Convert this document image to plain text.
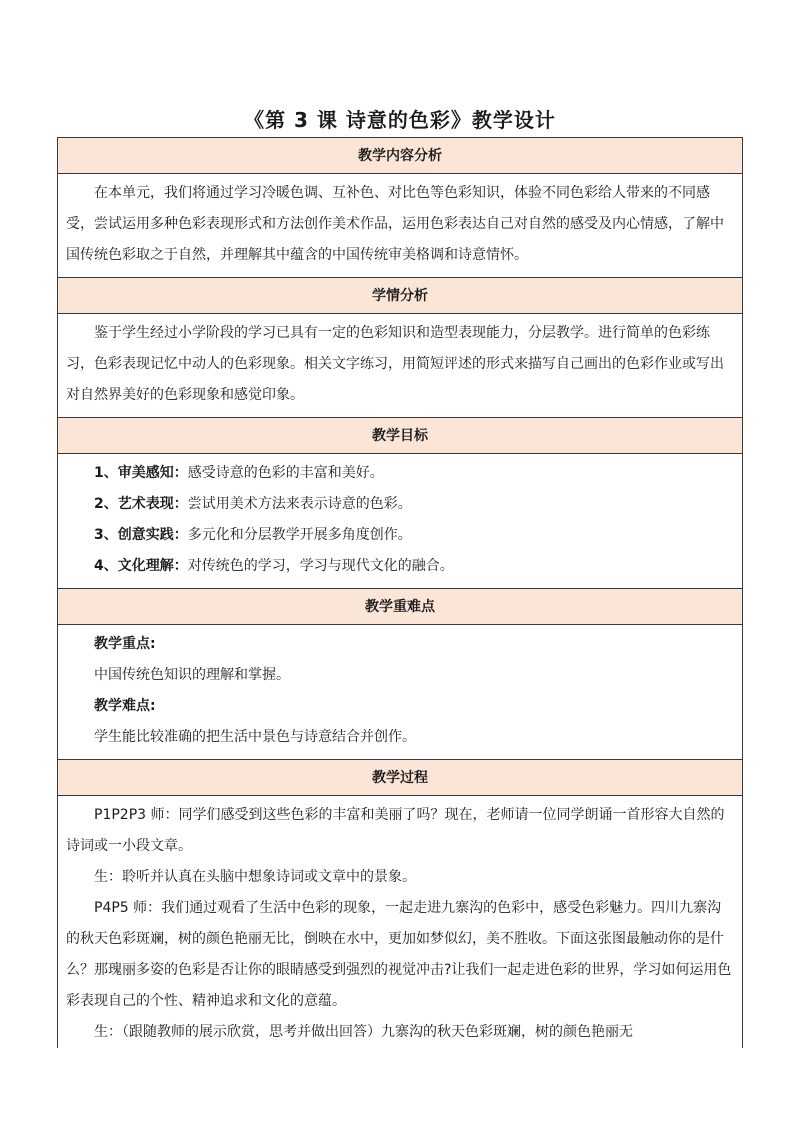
《第 3 课 诗意的色彩》教学设计
教学内容分析

在本单元，我们将通过学习冷暖色调、互补色、对比色等色彩知识，体验不同色彩给人带来的不同感受，尝试运用多种色彩表现形式和方法创作美术作品，运用色彩表达自己对自然的感受及内心情感，了解中国传统色彩取之于自然，并理解其中蕴含的中国传统审美格调和诗意情怀。

学情分析

鉴于学生经过小学阶段的学习已具有一定的色彩知识和造型表现能力，分层教学。进行简单的色彩练习，色彩表现记忆中动人的色彩现象。相关文字练习，用简短评述的形式来描写自己画出的色彩作业或写出对自然界美好的色彩现象和感觉印象。

教学目标

1、审美感知：感受诗意的色彩的丰富和美好。

2、艺术表现：尝试用美术方法来表示诗意的色彩。

3、创意实践：多元化和分层教学开展多角度创作。

4、文化理解：对传统色的学习，学习与现代文化的融合。

教学重难点

教学重点:

中国传统色知识的理解和掌握。

教学难点:

学生能比较准确的把生活中景色与诗意结合并创作。

教学过程

P1P2P3 师：同学们感受到这些色彩的丰富和美丽了吗？现在，老师请一位同学朗诵一首形容大自然的诗词或一小段文章。

生：聆听并认真在头脑中想象诗词或文章中的景象。

P4P5 师：我们通过观看了生活中色彩的现象，一起走进九寨沟的色彩中，感受色彩魅力。四川九寨沟的秋天色彩斑斓，树的颜色艳丽无比，倒映在水中，更加如梦似幻，美不胜收。下面这张图最触动你的是什么？那瑰丽多姿的色彩是否让你的眼睛感受到强烈的视觉冲击?让我们一起走进色彩的世界，学习如何运用色彩表现自己的个性、精神追求和文化的意蕴。

生：（跟随教师的展示欣赏，思考并做出回答）九寨沟的秋天色彩斑斓，树的颜色艳丽无
